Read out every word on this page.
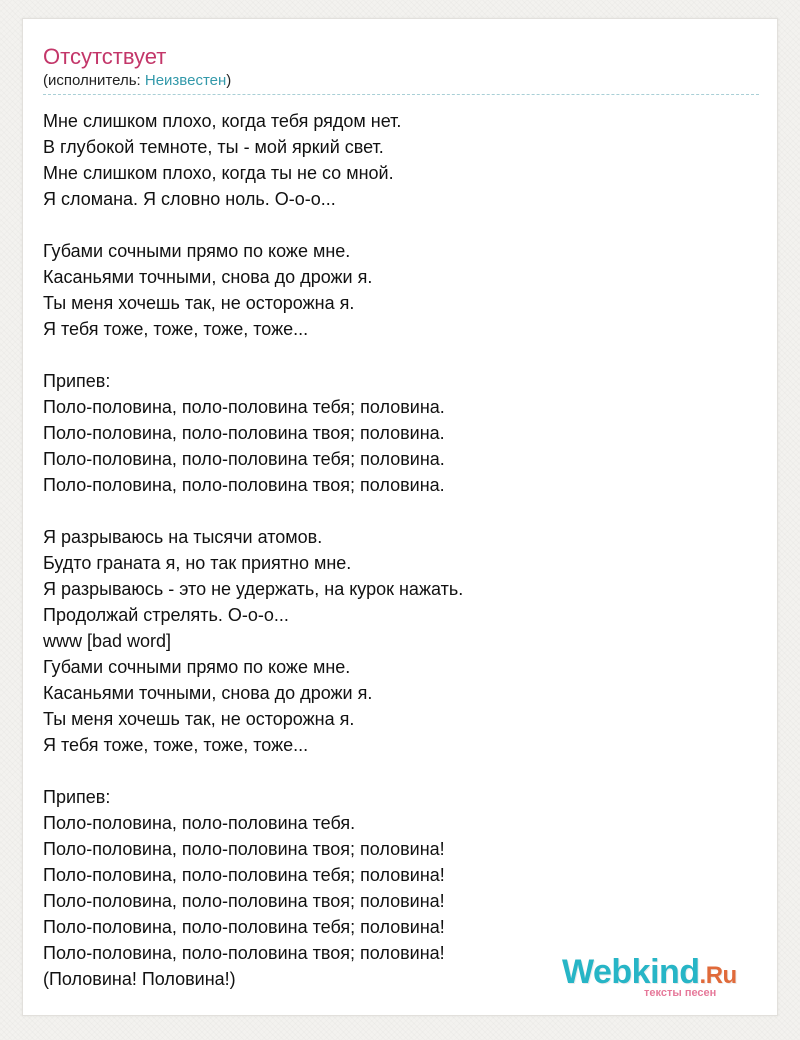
Отсутствует
(исполнитель: Неизвестен)
Мне слишком плохо, когда тебя рядом нет.
В глубокой темноте, ты - мой яркий свет.
Мне слишком плохо, когда ты не со мной.
Я сломана. Я словно ноль. О-о-о...
Губами сочными прямо по коже мне.
Касаньями точными, снова до дрожи я.
Ты меня хочешь так, не осторожна я.
Я тебя тоже, тоже, тоже, тоже...
Припев:
Поло-половина, поло-половина тебя; половина.
Поло-половина, поло-половина твоя; половина.
Поло-половина, поло-половина тебя; половина.
Поло-половина, поло-половина твоя; половина.
Я разрываюсь на тысячи атомов.
Будто граната я, но так приятно мне.
Я разрываюсь - это не удержать, на курок нажать.
Продолжай стрелять. О-о-о...
www [bad word]
Губами сочными прямо по коже мне.
Касаньями точными, снова до дрожи я.
Ты меня хочешь так, не осторожна я.
Я тебя тоже, тоже, тоже, тоже...
Припев:
Поло-половина, поло-половина тебя.
Поло-половина, поло-половина твоя; половина!
Поло-половина, поло-половина тебя; половина!
Поло-половина, поло-половина твоя; половина!
Поло-половина, поло-половина тебя; половина!
Поло-половина, поло-половина твоя; половина!
(Половина! Половина!)	Webkind.Ru
тексты песен
